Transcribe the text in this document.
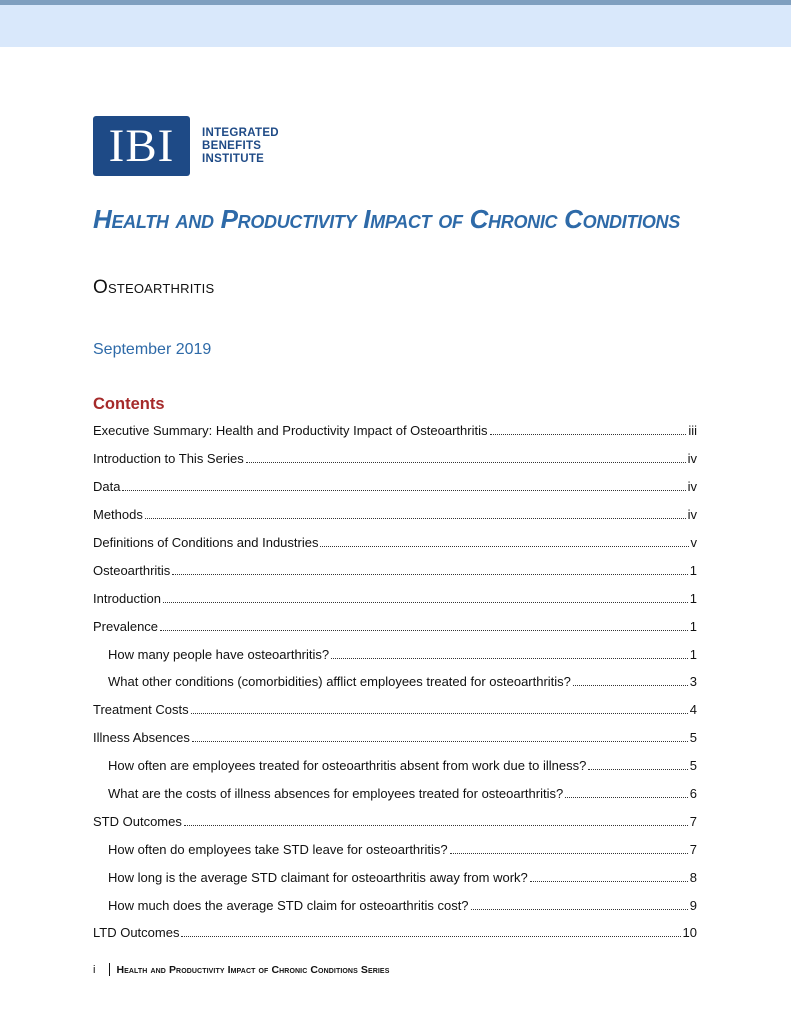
IBI INTEGRATED
BENEFITS
INSTITUTE
Health and Productivity Impact of Chronic Conditions
Osteoarthritis
September 2019
Contents
Executive Summary: Health and Productivity Impact of Osteoarthritis	iii
Introduction to This Series	iv
Data	iv
Methods	iv
Definitions of Conditions and Industries	v
Osteoarthritis	1
Introduction	1
Prevalence	1
How many people have osteoarthritis?	1
What other conditions (comorbidities) afflict employees treated for osteoarthritis?	3
Treatment Costs	4
Illness Absences	5
How often are employees treated for osteoarthritis absent from work due to illness?	5
What are the costs of illness absences for employees treated for osteoarthritis?	6
STD Outcomes	7
How often do employees take STD leave for osteoarthritis?	7
How long is the average STD claimant for osteoarthritis away from work?	8
How much does the average STD claim for osteoarthritis cost?	9
LTD Outcomes	10
i Health and Productivity Impact of Chronic Conditions Series
